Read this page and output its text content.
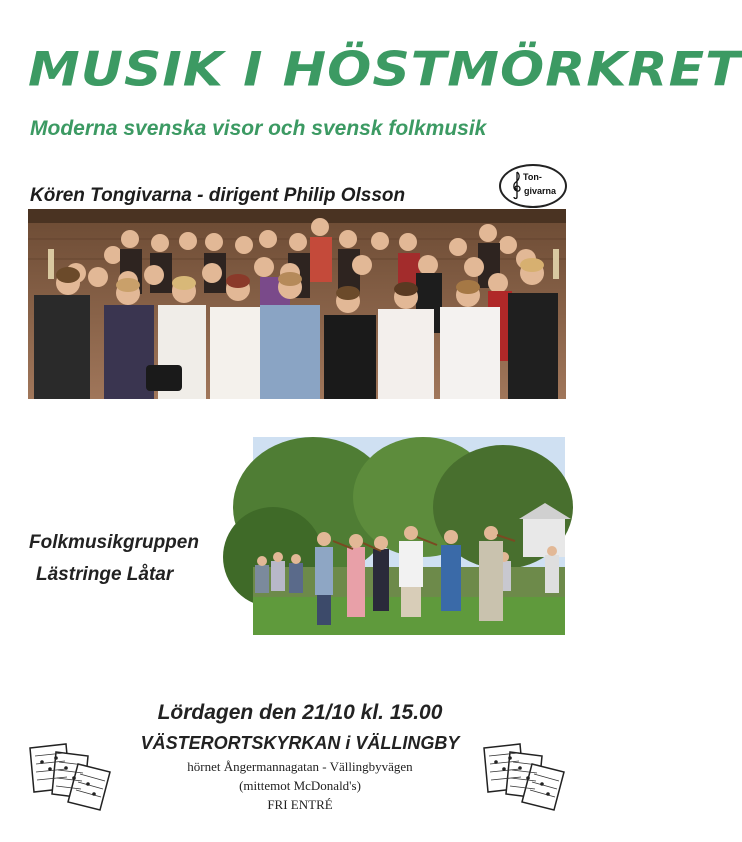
MUSIK I HÖSTMÖRKRET
Moderna svenska visor och svensk folkmusik
Kören Tongivarna - dirigent Philip Olsson
Ton-
givarna
Folkmusikgruppen
Lästringe Låtar
Lördagen den 21/10 kl. 15.00
VÄSTERORTSKYRKAN i VÄLLINGBY
hörnet Ångermannagatan - Vällingbyvägen
(mittemot McDonald's)
FRI ENTRÉ
